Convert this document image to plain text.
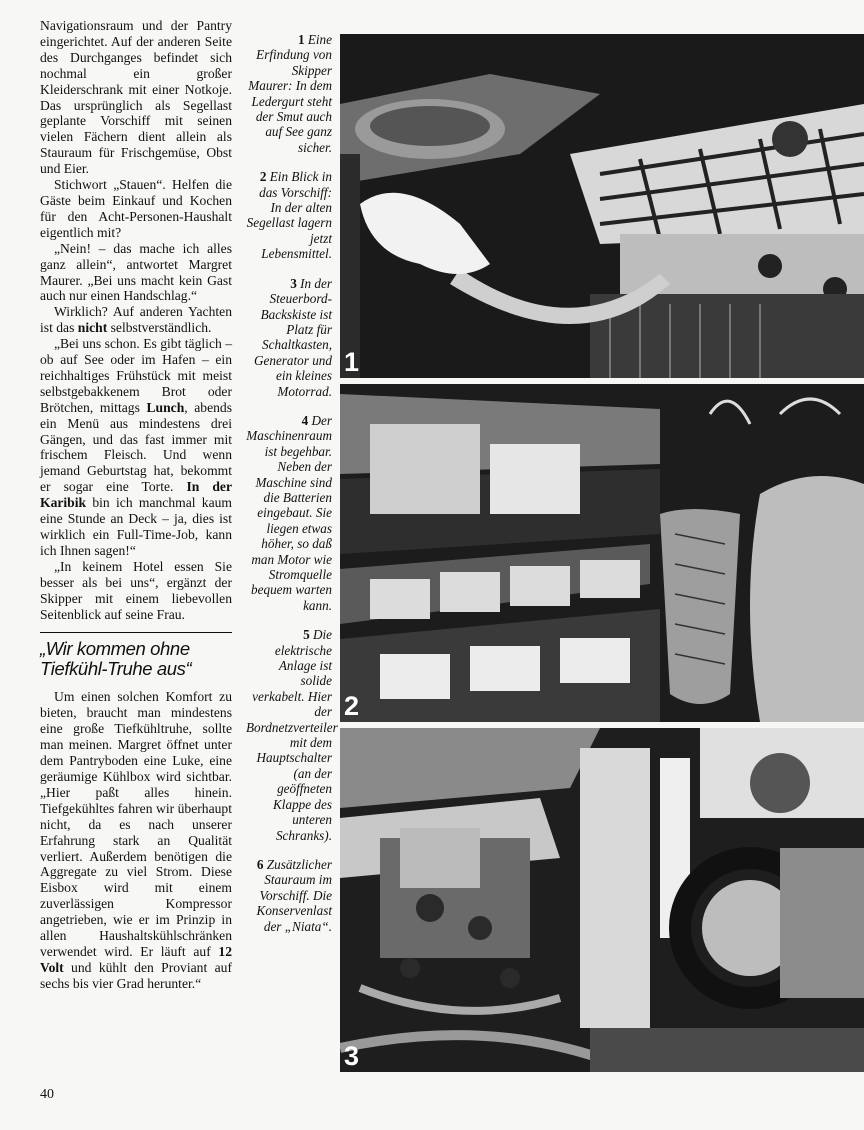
Navigationsraum und der Pantry eingerichtet. Auf der anderen Seite des Durchganges befindet sich nochmal ein großer Kleiderschrank mit einer Notkoje. Das ursprünglich als Segellast geplante Vorschiff mit seinen vielen Fächern dient allein als Stauraum für Frischgemüse, Obst und Eier.

Stichwort „Stauen“. Helfen die Gäste beim Einkauf und Kochen für den Acht-Personen-Haushalt eigentlich mit?

„Nein! – das mache ich alles ganz allein“, antwortet Margret Maurer. „Bei uns macht kein Gast auch nur einen Handschlag.“

Wirklich? Auf anderen Yachten ist das nicht selbstverständlich.

„Bei uns schon. Es gibt täglich – ob auf See oder im Hafen – ein reichhaltiges Frühstück mit meist selbstgebakkenem Brot oder Brötchen, mittags Lunch, abends ein Menü aus mindestens drei Gängen, und das fast immer mit frischem Fleisch. Und wenn jemand Geburtstag hat, bekommt er sogar eine Torte. In der Karibik bin ich manchmal kaum eine Stunde an Deck – ja, dies ist wirklich ein Full-Time-Job, kann ich Ihnen sagen!“

„In keinem Hotel essen Sie besser als bei uns“, ergänzt der Skipper mit einem liebevollen Seitenblick auf seine Frau.

„Wir kommen ohne Tiefkühl-Truhe aus“

Um einen solchen Komfort zu bieten, braucht man mindestens eine große Tiefkühltruhe, sollte man meinen. Margret öffnet unter dem Pantryboden eine Luke, eine geräumige Kühlbox wird sichtbar. „Hier paßt alles hinein. Tiefgekühltes fahren wir überhaupt nicht, da es nach unserer Erfahrung stark an Qualität verliert. Außerdem benötigen die Aggregate zu viel Strom. Diese Eisbox wird mit einem zuverlässigen Kompressor angetrieben, wie er im Prinzip in allen Haushaltskühlschränken verwendet wird. Er läuft auf 12 Volt und kühlt den Proviant auf sechs bis vier Grad herunter.“

1 Eine Erfindung von Skipper Maurer: In dem Ledergurt steht der Smut auch auf See ganz sicher.

2 Ein Blick in das Vorschiff: In der alten Segellast lagern jetzt Lebensmittel.

3 In der Steuerbord-Backskiste ist Platz für Schaltkasten, Generator und ein kleines Motorrad.

4 Der Maschinenraum ist begehbar. Neben der Maschine sind die Batterien eingebaut. Sie liegen etwas höher, so daß man Motor wie Stromquelle bequem warten kann.

5 Die elektrische Anlage ist solide verkabelt. Hier der Bordnetzverteiler mit dem Hauptschalter (an der geöffneten Klappe des unteren Schranks).

6 Zusätzlicher Stauraum im Vorschiff. Die Konservenlast der „Niata“.

1
2
3
40
